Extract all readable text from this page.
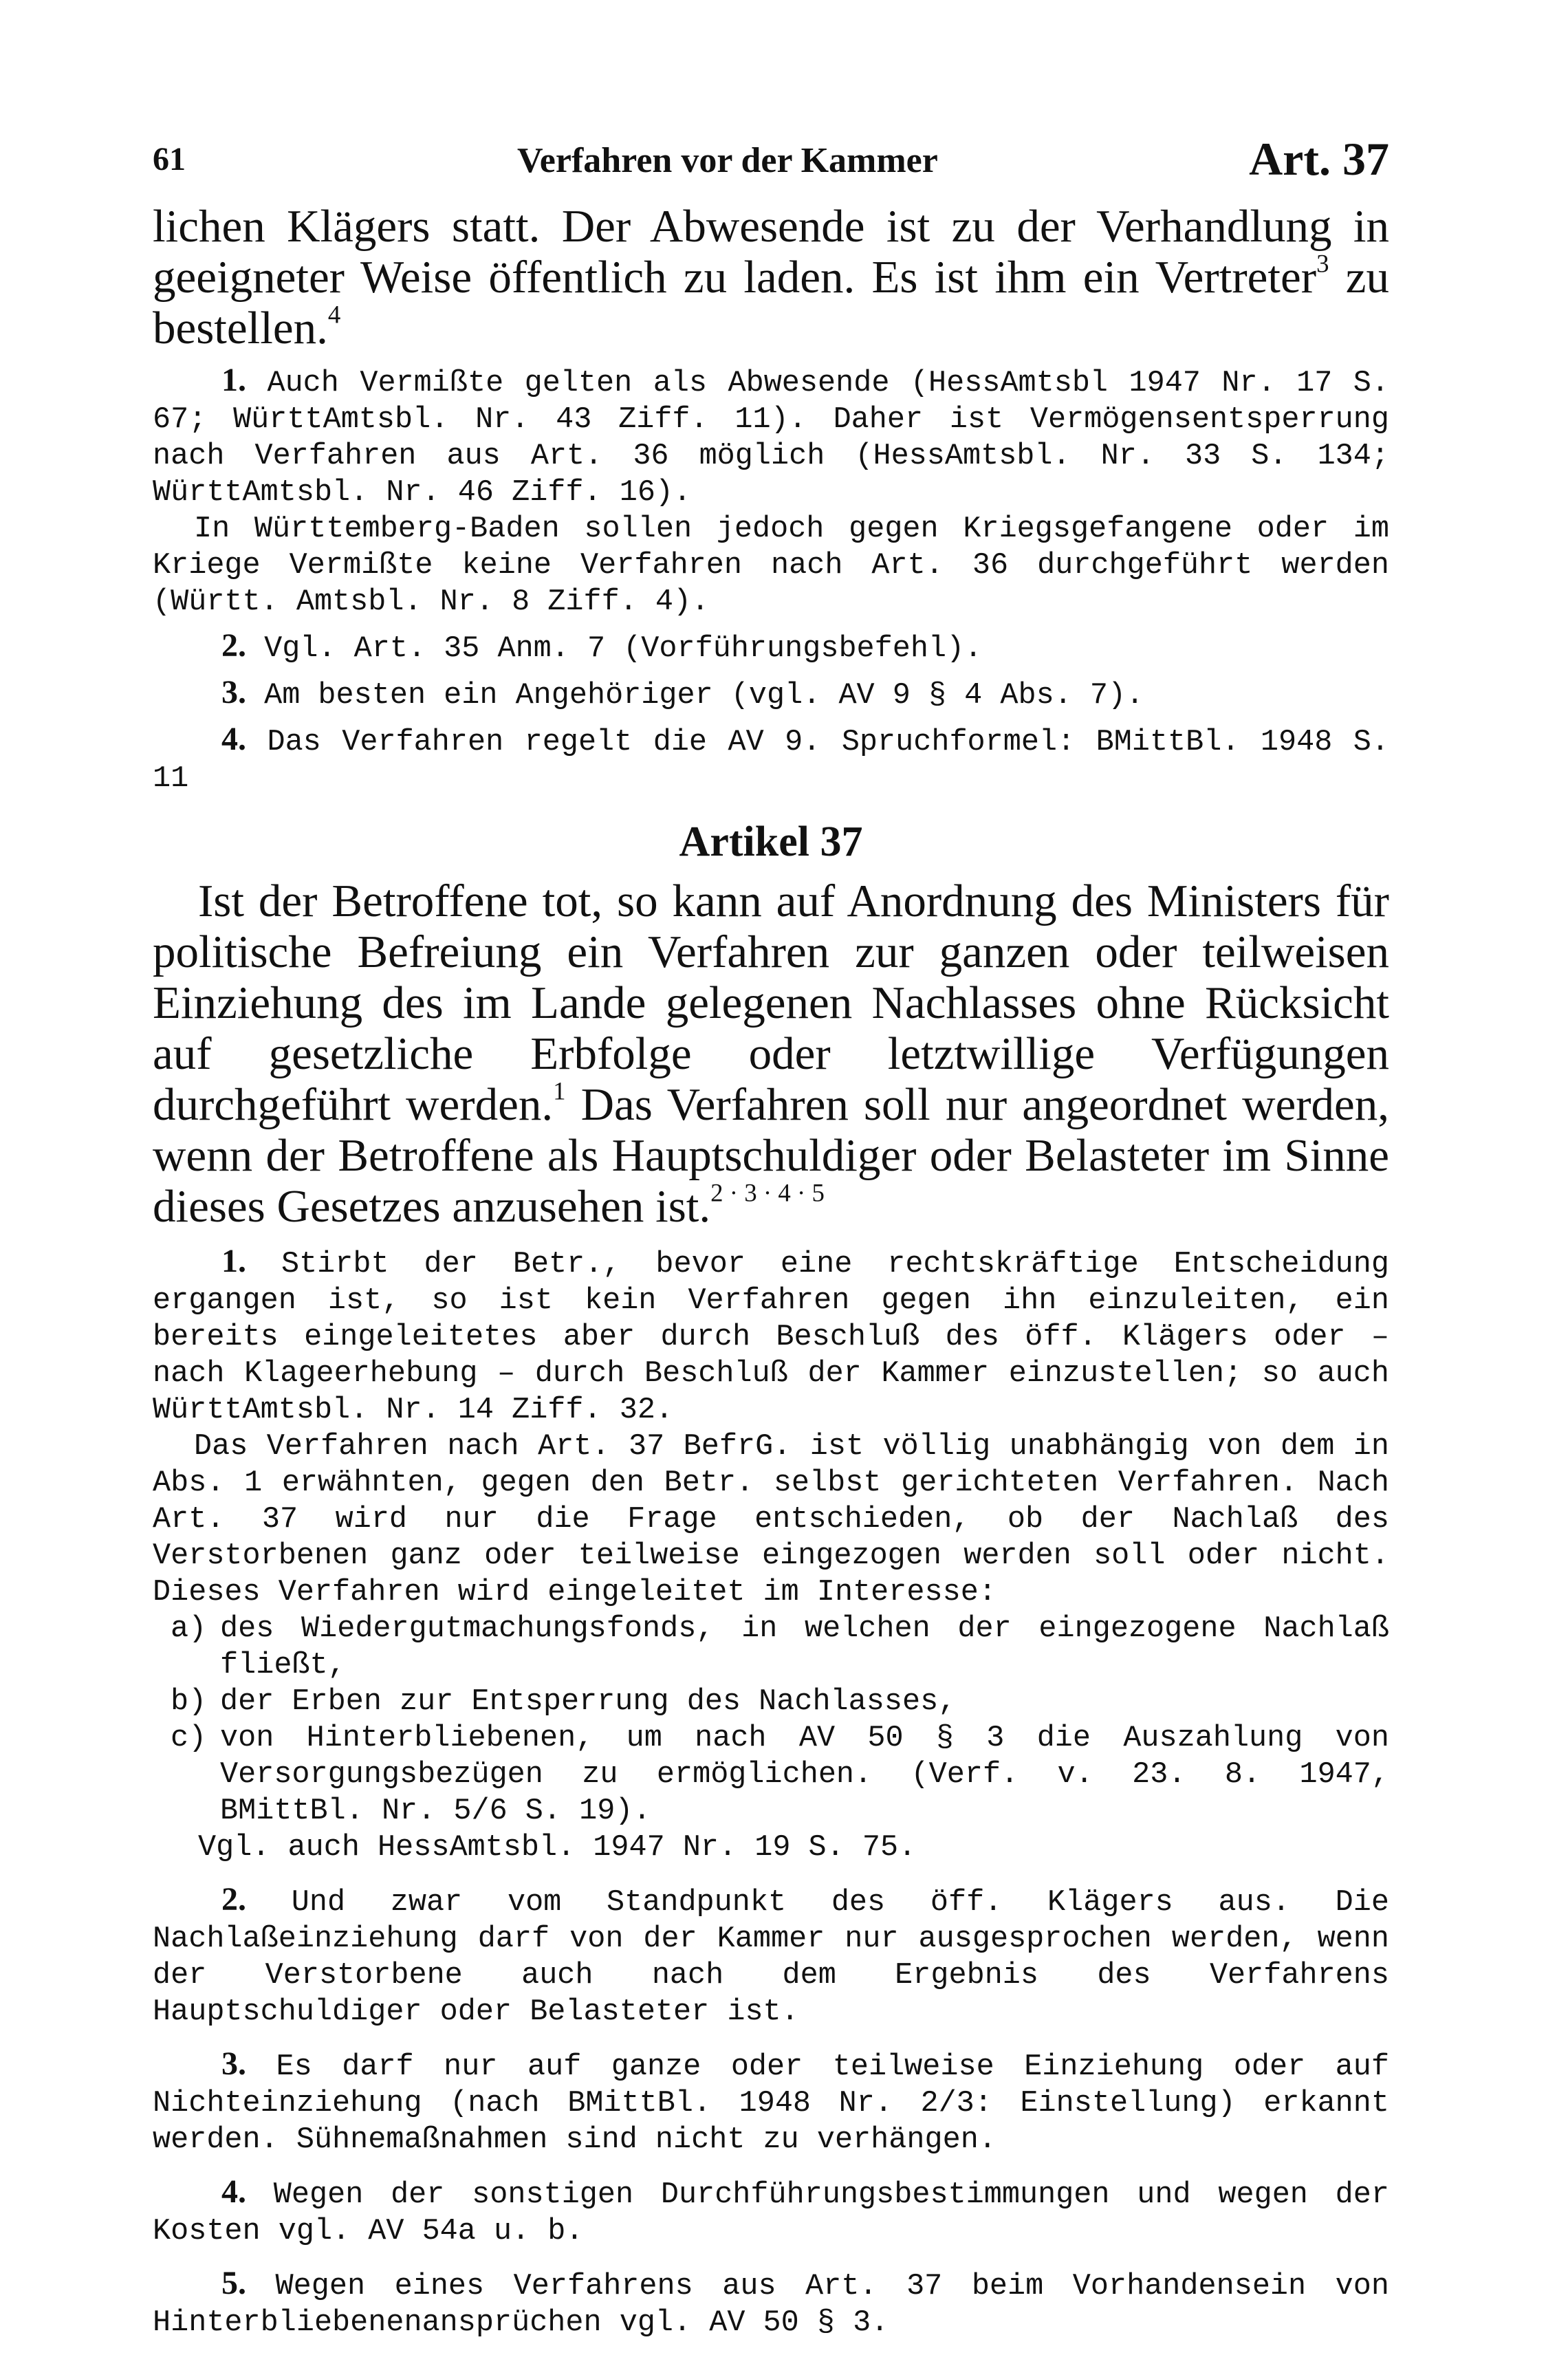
61	Verfahren vor der Kammer	Art. 37

lichen Klägers statt. Der Abwesende ist zu der Verhandlung in geeigneter Weise öffentlich zu laden. Es ist ihm ein Vertreter$^3$ zu bestellen.$^4$

1. Auch Vermißte gelten als Abwesende (HessAmtsbl 1947 Nr. 17 S. 67; WürttAmtsbl. Nr. 43 Ziff. 11). Daher ist Vermögensentsperrung nach Verfahren aus Art. 36 möglich (HessAmtsbl. Nr. 33 S. 134; WürttAmtsbl. Nr. 46 Ziff. 16).

In Württemberg-Baden sollen jedoch gegen Kriegsgefangene oder im Kriege Vermißte keine Verfahren nach Art. 36 durchgeführt werden (Württ. Amtsbl. Nr. 8 Ziff. 4).

2. Vgl. Art. 35 Anm. 7 (Vorführungsbefehl).

3. Am besten ein Angehöriger (vgl. AV 9 § 4 Abs. 7).

4. Das Verfahren regelt die AV 9. Spruchformel: BMittBl. 1948 S. 11

Artikel 37

Ist der Betroffene tot, so kann auf Anordnung des Ministers für politische Befreiung ein Verfahren zur ganzen oder teilweisen Einziehung des im Lande gelegenen Nachlasses ohne Rücksicht auf gesetzliche Erbfolge oder letztwillige Verfügungen durchgeführt werden.$^1$ Das Verfahren soll nur angeordnet werden, wenn der Betroffene als Hauptschuldiger oder Belasteter im Sinne dieses Gesetzes anzusehen ist.$^{2 \cdot 3 \cdot 4 \cdot 5}$

1. Stirbt der Betr., bevor eine rechtskräftige Entscheidung ergangen ist, so ist kein Verfahren gegen ihn einzuleiten, ein bereits eingeleitetes aber durch Beschluß des öff. Klägers oder – nach Klageerhebung – durch Beschluß der Kammer einzustellen; so auch WürttAmtsbl. Nr. 14 Ziff. 32.

Das Verfahren nach Art. 37 BefrG. ist völlig unabhängig von dem in Abs. 1 erwähnten, gegen den Betr. selbst gerichteten Verfahren. Nach Art. 37 wird nur die Frage entschieden, ob der Nachlaß des Verstorbenen ganz oder teilweise eingezogen werden soll oder nicht. Dieses Verfahren wird eingeleitet im Interesse:

a) des Wiedergutmachungsfonds, in welchen der eingezogene Nachlaß fließt,
b) der Erben zur Entsperrung des Nachlasses,
c) von Hinterbliebenen, um nach AV 50 § 3 die Auszahlung von Versorgungsbezügen zu ermöglichen. (Verf. v. 23. 8. 1947, BMittBl. Nr. 5/6 S. 19).

Vgl. auch HessAmtsbl. 1947 Nr. 19 S. 75.

2. Und zwar vom Standpunkt des öff. Klägers aus. Die Nachlaßeinziehung darf von der Kammer nur ausgesprochen werden, wenn der Verstorbene auch nach dem Ergebnis des Verfahrens Hauptschuldiger oder Belasteter ist.

3. Es darf nur auf ganze oder teilweise Einziehung oder auf Nichteinziehung (nach BMittBl. 1948 Nr. 2/3: Einstellung) erkannt werden. Sühnemaßnahmen sind nicht zu verhängen.

4. Wegen der sonstigen Durchführungsbestimmungen und wegen der Kosten vgl. AV 54a u. b.

5. Wegen eines Verfahrens aus Art. 37 beim Vorhandensein von Hinterbliebenenansprüchen vgl. AV 50 § 3.
